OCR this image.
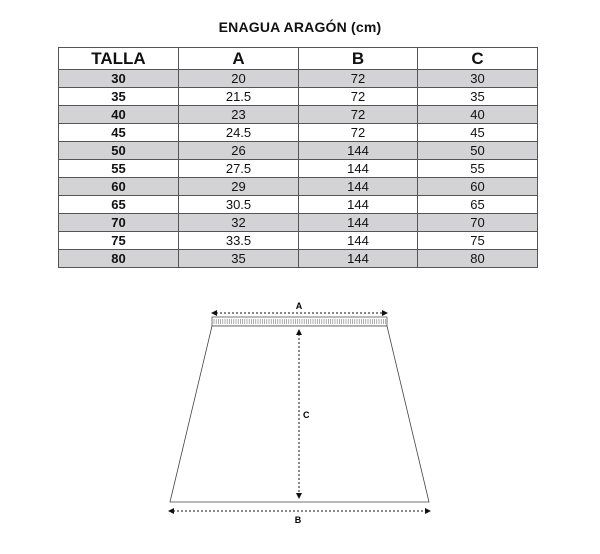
ENAGUA ARAGÓN (cm)
TALLA	A	B	C
30	20	72	30
35	21.5	72	35
40	23	72	40
45	24.5	72	45
50	26	144	50
55	27.5	144	55
60	29	144	60
65	30.5	144	65
70	32	144	70
75	33.5	144	75
80	35	144	80
A
C
B
